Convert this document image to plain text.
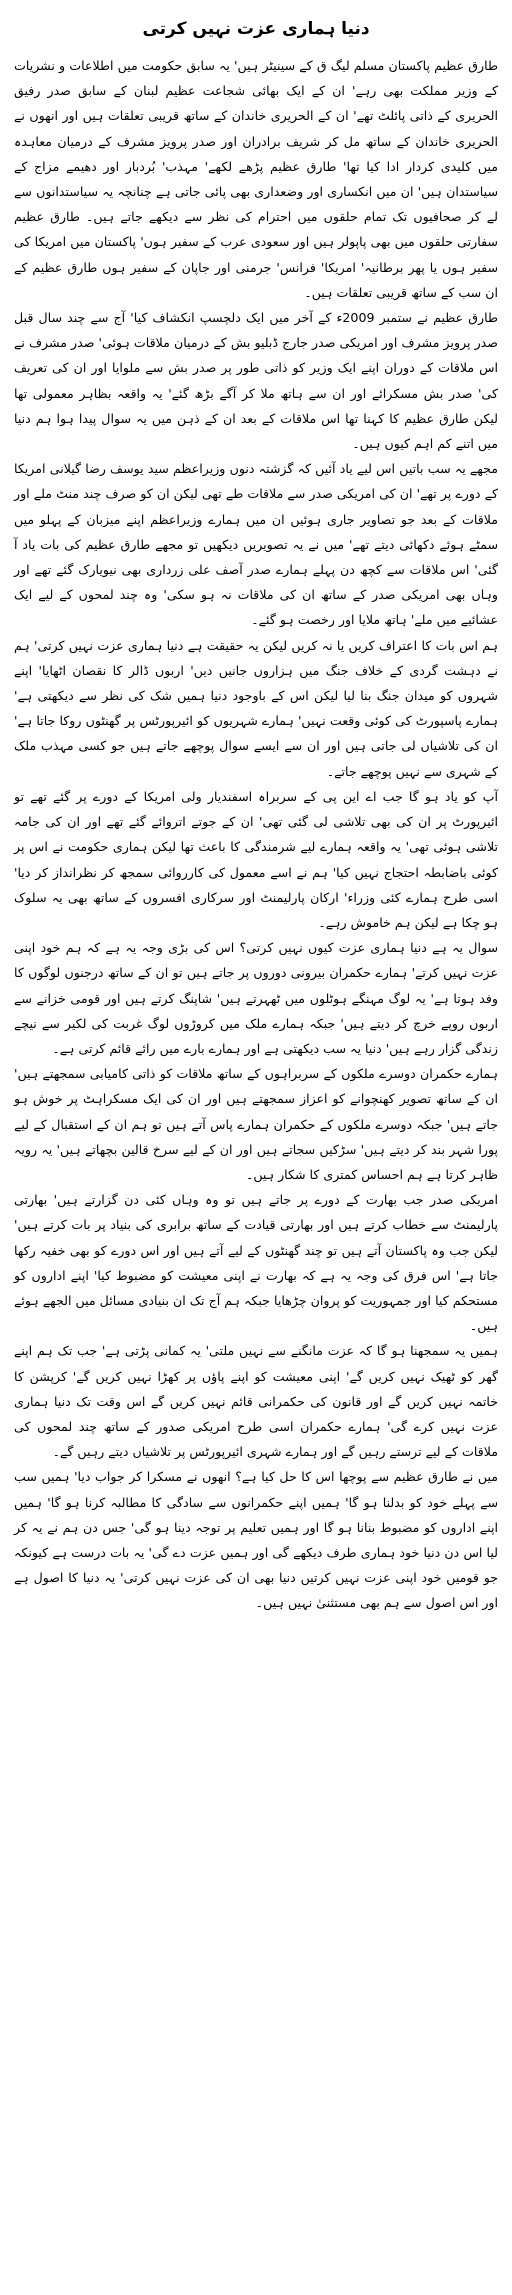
دنیا ہماری عزت نہیں کرتی

طارق عظیم پاکستان مسلم لیگ ق کے سینیٹر ہیں' یہ سابق حکومت میں اطلاعات و نشریات کے وزیر مملکت بھی رہے' ان کے ایک بھائی شجاعت عظیم لبنان کے سابق صدر رفیق الحریری کے ذاتی پائلٹ تھے' ان کے الحریری خاندان کے ساتھ قریبی تعلقات ہیں اور انھوں نے الحریری خاندان کے ساتھ مل کر شریف برادران اور صدر پرویز مشرف کے درمیان معاہدہ میں کلیدی کردار ادا کیا تھا' طارق عظیم پڑھے لکھے' مہذب' بُردبار اور دھیمے مزاج کے سیاستدان ہیں' ان میں انکساری اور وضعداری بھی پائی جاتی ہے چنانچہ یہ سیاستدانوں سے لے کر صحافیوں تک تمام حلقوں میں احترام کی نظر سے دیکھے جاتے ہیں۔ طارق عظیم سفارتی حلقوں میں بھی پاپولر ہیں اور سعودی عرب کے سفیر ہوں' پاکستان میں امریکا کی سفیر ہوں یا پھر برطانیہ' امریکا' فرانس' جرمنی اور جاپان کے سفیر ہوں طارق عظیم کے ان سب کے ساتھ قریبی تعلقات ہیں۔

طارق عظیم نے ستمبر 2009ء کے آخر میں ایک دلچسپ انکشاف کیا' آج سے چند سال قبل صدر پرویز مشرف اور امریکی صدر جارج ڈبلیو بش کے درمیان ملاقات ہوئی' صدر مشرف نے اس ملاقات کے دوران اپنے ایک وزیر کو ذاتی طور پر صدر بش سے ملوایا اور ان کی تعریف کی' صدر بش مسکرائے اور ان سے ہاتھ ملا کر آگے بڑھ گئے' یہ واقعہ بظاہر معمولی تھا لیکن طارق عظیم کا کہنا تھا اس ملاقات کے بعد ان کے ذہن میں یہ سوال پیدا ہوا ہم دنیا میں اتنے کم اہم کیوں ہیں۔

مجھے یہ سب باتیں اس لیے یاد آئیں کہ گزشتہ دنوں وزیراعظم سید یوسف رضا گیلانی امریکا کے دورے پر تھے' ان کی امریکی صدر سے ملاقات طے تھی لیکن ان کو صرف چند منٹ ملے اور ملاقات کے بعد جو تصاویر جاری ہوئیں ان میں ہمارے وزیراعظم اپنے میزبان کے پہلو میں سمٹے ہوئے دکھائی دیتے تھے' میں نے یہ تصویریں دیکھیں تو مجھے طارق عظیم کی بات یاد آ گئی' اس ملاقات سے کچھ دن پہلے ہمارے صدر آصف علی زرداری بھی نیویارک گئے تھے اور وہاں بھی امریکی صدر کے ساتھ ان کی ملاقات نہ ہو سکی' وہ چند لمحوں کے لیے ایک عشائیے میں ملے' ہاتھ ملایا اور رخصت ہو گئے۔

ہم اس بات کا اعتراف کریں یا نہ کریں لیکن یہ حقیقت ہے دنیا ہماری عزت نہیں کرتی' ہم نے دہشت گردی کے خلاف جنگ میں ہزاروں جانیں دیں' اربوں ڈالر کا نقصان اٹھایا' اپنے شہروں کو میدان جنگ بنا لیا لیکن اس کے باوجود دنیا ہمیں شک کی نظر سے دیکھتی ہے' ہمارے پاسپورٹ کی کوئی وقعت نہیں' ہمارے شہریوں کو ائیرپورٹس پر گھنٹوں روکا جاتا ہے' ان کی تلاشیاں لی جاتی ہیں اور ان سے ایسے سوال پوچھے جاتے ہیں جو کسی مہذب ملک کے شہری سے نہیں پوچھے جاتے۔

آپ کو یاد ہو گا جب اے این پی کے سربراہ اسفندیار ولی امریکا کے دورے پر گئے تھے تو ائیرپورٹ پر ان کی بھی تلاشی لی گئی تھی' ان کے جوتے اتروائے گئے تھے اور ان کی جامہ تلاشی ہوئی تھی' یہ واقعہ ہمارے لیے شرمندگی کا باعث تھا لیکن ہماری حکومت نے اس پر کوئی باضابطہ احتجاج نہیں کیا' ہم نے اسے معمول کی کارروائی سمجھ کر نظرانداز کر دیا' اسی طرح ہمارے کئی وزراء' ارکان پارلیمنٹ اور سرکاری افسروں کے ساتھ بھی یہ سلوک ہو چکا ہے لیکن ہم خاموش رہے۔

سوال یہ ہے دنیا ہماری عزت کیوں نہیں کرتی؟ اس کی بڑی وجہ یہ ہے کہ ہم خود اپنی عزت نہیں کرتے' ہمارے حکمران بیرونی دوروں پر جاتے ہیں تو ان کے ساتھ درجنوں لوگوں کا وفد ہوتا ہے' یہ لوگ مہنگے ہوٹلوں میں ٹھہرتے ہیں' شاپنگ کرتے ہیں اور قومی خزانے سے اربوں روپے خرچ کر دیتے ہیں' جبکہ ہمارے ملک میں کروڑوں لوگ غربت کی لکیر سے نیچے زندگی گزار رہے ہیں' دنیا یہ سب دیکھتی ہے اور ہمارے بارے میں رائے قائم کرتی ہے۔

ہمارے حکمران دوسرے ملکوں کے سربراہوں کے ساتھ ملاقات کو ذاتی کامیابی سمجھتے ہیں' ان کے ساتھ تصویر کھنچوانے کو اعزاز سمجھتے ہیں اور ان کی ایک مسکراہٹ پر خوش ہو جاتے ہیں' جبکہ دوسرے ملکوں کے حکمران ہمارے پاس آتے ہیں تو ہم ان کے استقبال کے لیے پورا شہر بند کر دیتے ہیں' سڑکیں سجاتے ہیں اور ان کے لیے سرخ قالین بچھاتے ہیں' یہ رویہ ظاہر کرتا ہے ہم احساس کمتری کا شکار ہیں۔

امریکی صدر جب بھارت کے دورے پر جاتے ہیں تو وہ وہاں کئی دن گزارتے ہیں' بھارتی پارلیمنٹ سے خطاب کرتے ہیں اور بھارتی قیادت کے ساتھ برابری کی بنیاد پر بات کرتے ہیں' لیکن جب وہ پاکستان آتے ہیں تو چند گھنٹوں کے لیے آتے ہیں اور اس دورے کو بھی خفیہ رکھا جاتا ہے' اس فرق کی وجہ یہ ہے کہ بھارت نے اپنی معیشت کو مضبوط کیا' اپنے اداروں کو مستحکم کیا اور جمہوریت کو پروان چڑھایا جبکہ ہم آج تک ان بنیادی مسائل میں الجھے ہوئے ہیں۔

ہمیں یہ سمجھنا ہو گا کہ عزت مانگنے سے نہیں ملتی' یہ کمانی پڑتی ہے' جب تک ہم اپنے گھر کو ٹھیک نہیں کریں گے' اپنی معیشت کو اپنے پاؤں پر کھڑا نہیں کریں گے' کرپشن کا خاتمہ نہیں کریں گے اور قانون کی حکمرانی قائم نہیں کریں گے اس وقت تک دنیا ہماری عزت نہیں کرے گی' ہمارے حکمران اسی طرح امریکی صدور کے ساتھ چند لمحوں کی ملاقات کے لیے ترستے رہیں گے اور ہمارے شہری ائیرپورٹس پر تلاشیاں دیتے رہیں گے۔

میں نے طارق عظیم سے پوچھا اس کا حل کیا ہے؟ انھوں نے مسکرا کر جواب دیا' ہمیں سب سے پہلے خود کو بدلنا ہو گا' ہمیں اپنے حکمرانوں سے سادگی کا مطالبہ کرنا ہو گا' ہمیں اپنے اداروں کو مضبوط بنانا ہو گا اور ہمیں تعلیم پر توجہ دینا ہو گی' جس دن ہم نے یہ کر لیا اس دن دنیا خود ہماری طرف دیکھے گی اور ہمیں عزت دے گی' یہ بات درست ہے کیونکہ جو قومیں خود اپنی عزت نہیں کرتیں دنیا بھی ان کی عزت نہیں کرتی' یہ دنیا کا اصول ہے اور اس اصول سے ہم بھی مستثنیٰ نہیں ہیں۔
